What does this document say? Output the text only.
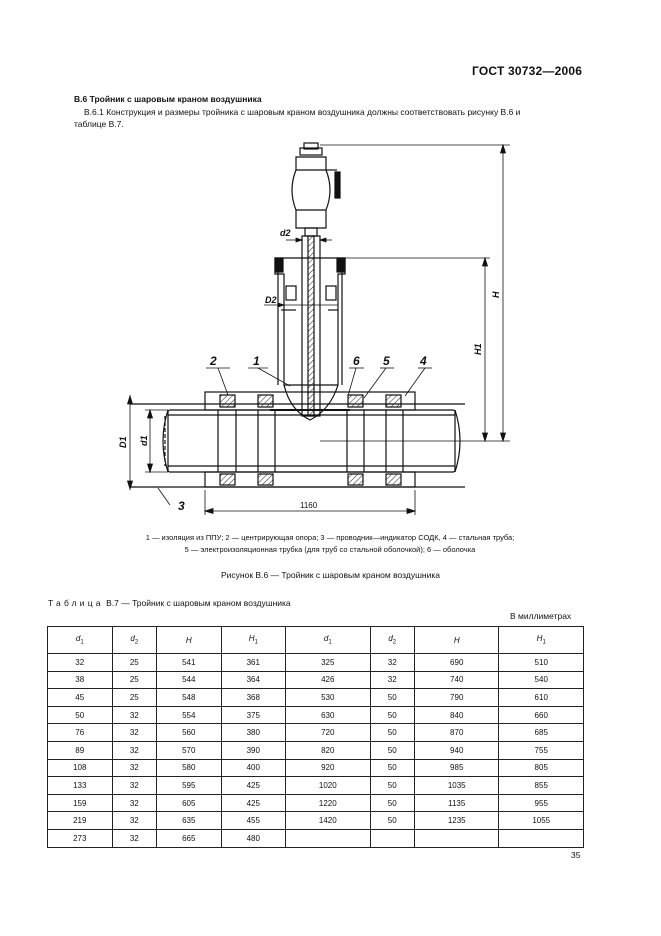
ГОСТ 30732—2006
В.6 Тройник с шаровым краном воздушника
В.6.1 Конструкция и размеры тройника с шаровым краном воздушника должны соответствовать рисунку В.6 и
таблице В.7.
2	1	6 5	4
3
d2
D2
D1 d1
H
H1
1160
1 — изоляция из ППУ; 2 — центрирующая опора; 3 — проводник—индикатор СОДК, 4 — стальная труба;
5 — электроизоляционная трубка (для труб со стальной оболочкой); 6 — оболочка
Рисунок В.6 — Тройник с шаровым краном воздушника
Таблица В.7 — Тройник с шаровым краном воздушника
В миллиметрах
$d_1$	$d_2$	H	$H_1$	$d_1$	$d_2$	H	$H_1$
32	25	541	361	325	32	690	510
38	25	544	364	426	32	740	540
45	25	548	368	530	50	790	610
50	32	554	375	630	50	840	660
76	32	560	380	720	50	870	685
89	32	570	390	820	50	940	755
108	32	580	400	920	50	985	805
133	32	595	425	1020	50	1035	855
159	32	605	425	1220	50	1135	955
219	32	635	455	1420	50	1235	1055
273	32	665	480				
35
